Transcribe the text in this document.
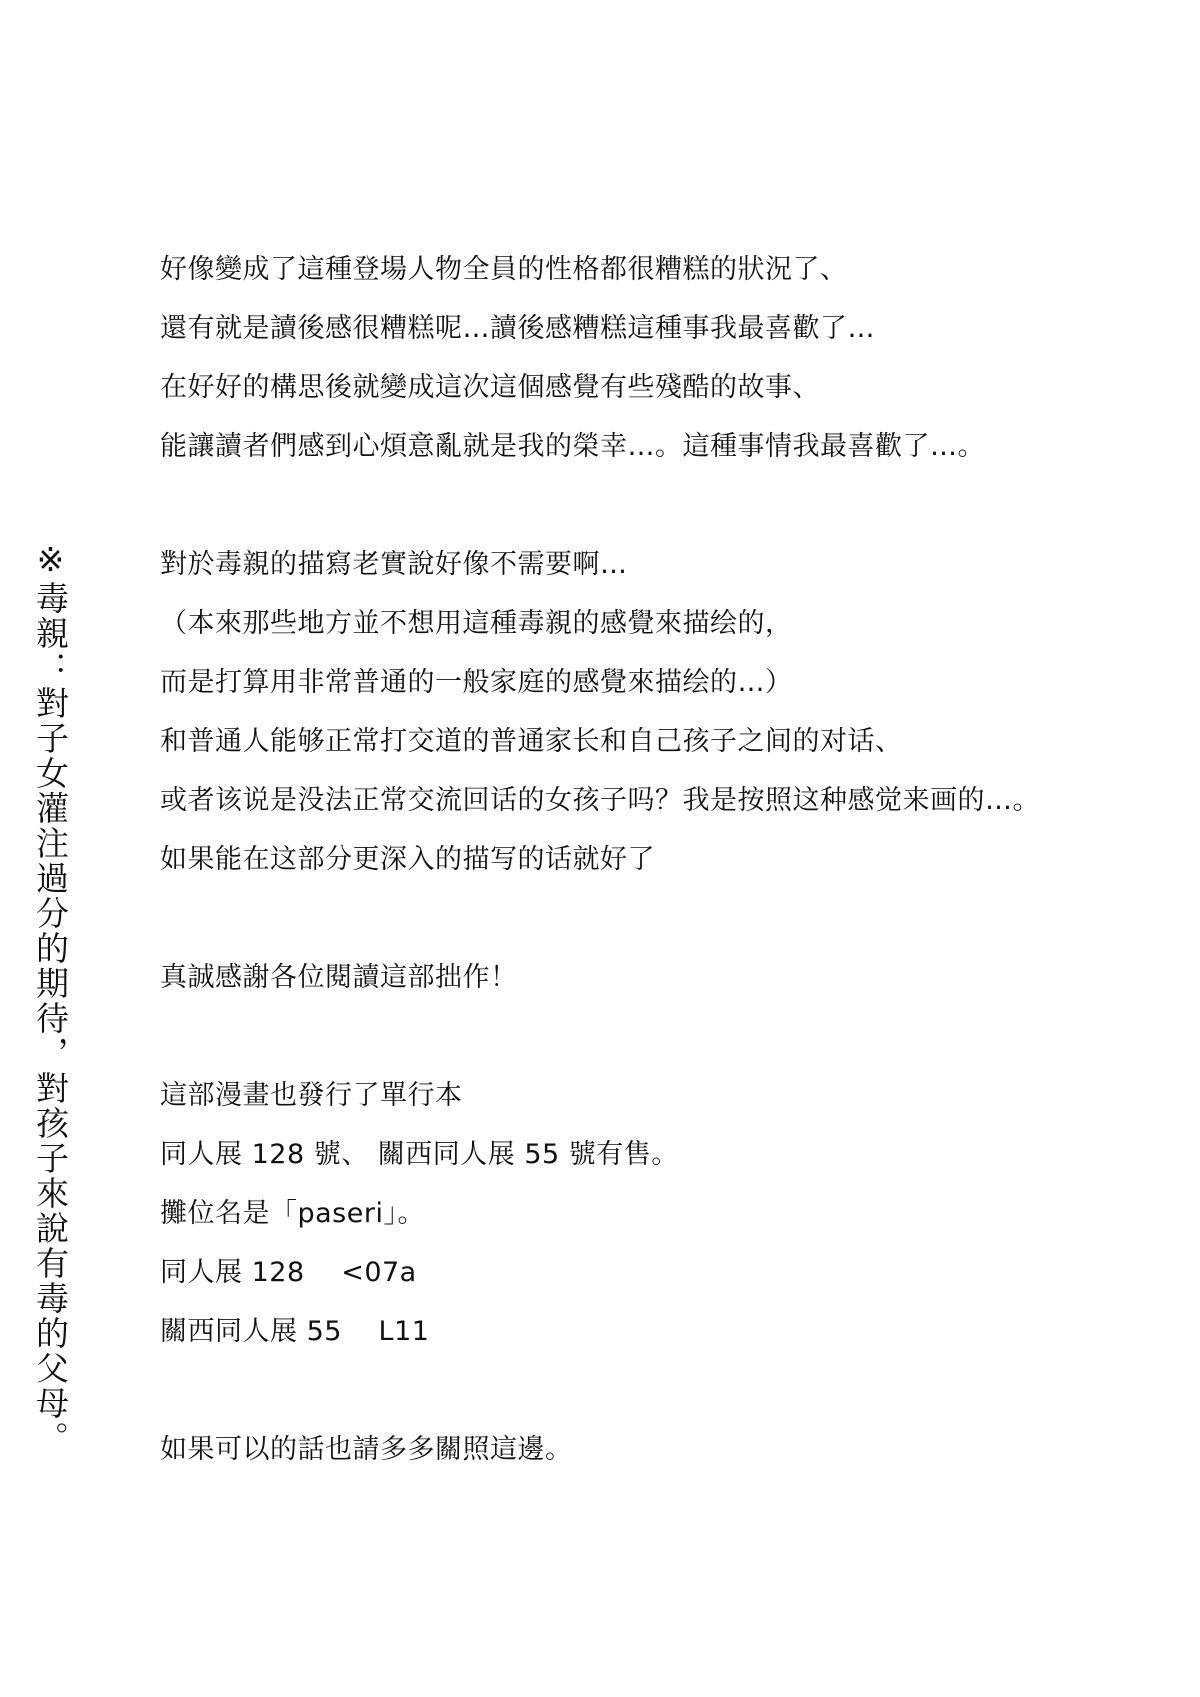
※毒親：對子女灌注過分的期待，對孩子來說有毒的父母。
好像變成了這種登場人物全員的性格都很糟糕的狀況了、
還有就是讀後感很糟糕呢…讀後感糟糕這種事我最喜歡了…
在好好的構思後就變成這次這個感覺有些殘酷的故事、
能讓讀者們感到心煩意亂就是我的榮幸…。這種事情我最喜歡了…。
對於毒親的描寫老實說好像不需要啊…
（本來那些地方並不想用這種毒親的感覺來描绘的，
而是打算用非常普通的一般家庭的感覺來描绘的…）
和普通人能够正常打交道的普通家长和自己孩子之间的对话、
或者该说是没法正常交流回话的女孩子吗？我是按照这种感觉来画的…。
如果能在这部分更深入的描写的话就好了
真誠感謝各位閱讀這部拙作！
這部漫畫也發行了單行本
同人展 128 號、 關西同人展 55 號有售。
攤位名是「paseri」。
同人展 128　 <07a
關西同人展 55　 L11
如果可以的話也請多多關照這邊。
